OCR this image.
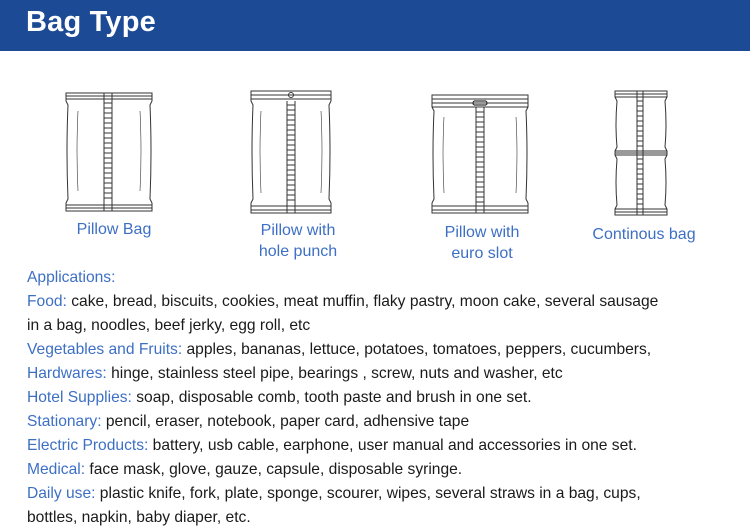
Bag Type
Pillow Bag	Pillow with
hole punch
Pillow with
euro slot
Continous bag
Applications:
Food: cake, bread, biscuits, cookies, meat muffin, flaky pastry, moon cake, several sausage
in a bag, noodles, beef jerky, egg roll, etc
Vegetables and Fruits: apples, bananas, lettuce, potatoes, tomatoes, peppers, cucumbers,
Hardwares: hinge, stainless steel pipe, bearings , screw, nuts and washer, etc
Hotel Supplies: soap, disposable comb, tooth paste and brush in one set.
Stationary: pencil, eraser, notebook, paper card, adhensive tape
Electric Products: battery, usb cable, earphone, user manual and accessories in one set.
Medical: face mask, glove, gauze, capsule, disposable syringe.
Daily use: plastic knife, fork, plate, sponge, scourer, wipes, several straws in a bag, cups,
bottles, napkin, baby diaper, etc.
